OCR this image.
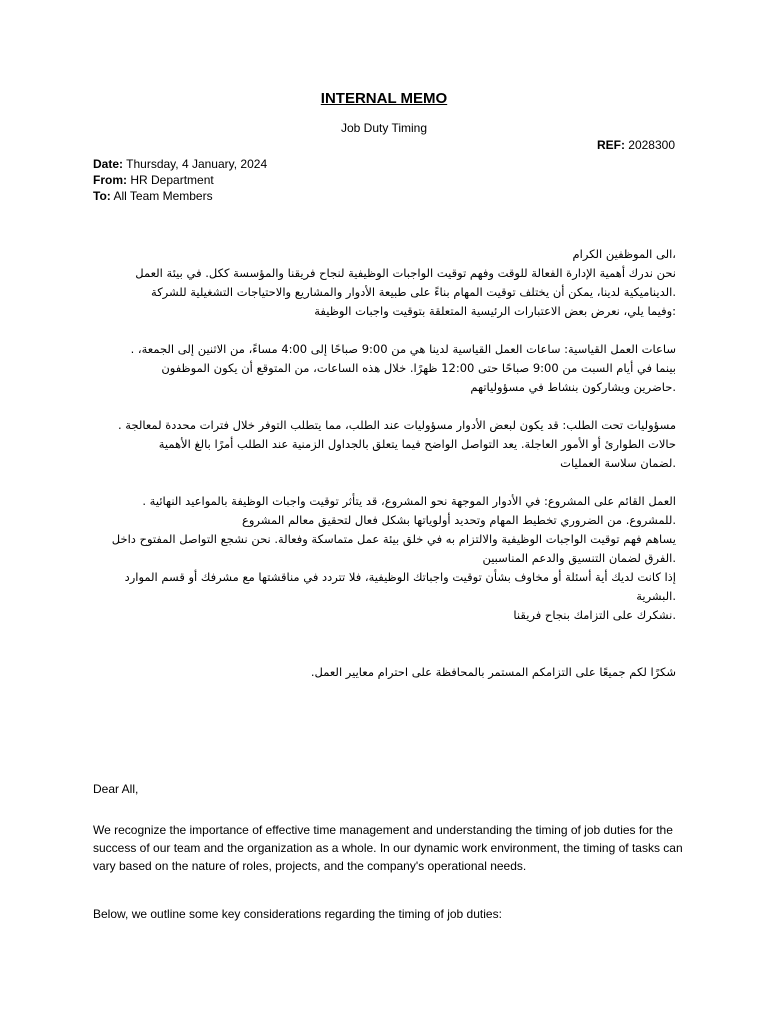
INTERNAL MEMO
Job Duty Timing
REF: 2028300
Date: Thursday, 4 January, 2024
From: HR Department
To: All Team Members

،الى الموظفين الكرام

نحن ندرك أهمية الإدارة الفعالة للوقت وفهم توقيت الواجبات الوظيفية لنجاح فريقنا والمؤسسة ككل. في بيئة العمل

.الديناميكية لدينا، يمكن أن يختلف توقيت المهام بناءً على طبيعة الأدوار والمشاريع والاحتياجات التشغيلية للشركة

:وفيما يلي، نعرض بعض الاعتبارات الرئيسية المتعلقة بتوقيت واجبات الوظيفة

ساعات العمل القياسية: ساعات العمل القياسية لدينا هي من 9:00 صباحًا إلى 4:00 مساءً، من الاثنين إلى الجمعة، .

بينما في أيام السبت من 9:00 صباحًا حتى 12:00 ظهرًا. خلال هذه الساعات، من المتوقع أن يكون الموظفون

.حاضرين ويشاركون بنشاط في مسؤولياتهم

مسؤوليات تحت الطلب: قد يكون لبعض الأدوار مسؤوليات عند الطلب، مما يتطلب التوفر خلال فترات محددة لمعالجة .

حالات الطوارئ أو الأمور العاجلة. يعد التواصل الواضح فيما يتعلق بالجداول الزمنية عند الطلب أمرًا بالغ الأهمية

.لضمان سلاسة العمليات

العمل القائم على المشروع: في الأدوار الموجهة نحو المشروع، قد يتأثر توقيت واجبات الوظيفة بالمواعيد النهائية .

.للمشروع. من الضروري تخطيط المهام وتحديد أولوياتها بشكل فعال لتحقيق معالم المشروع

يساهم فهم توقيت الواجبات الوظيفية والالتزام به في خلق بيئة عمل متماسكة وفعالة. نحن نشجع التواصل المفتوح داخل

.الفرق لضمان التنسيق والدعم المناسبين

إذا كانت لديك أية أسئلة أو مخاوف بشأن توقيت واجباتك الوظيفية، فلا تتردد في مناقشتها مع مشرفك أو قسم الموارد

.البشرية

.نشكرك على التزامك بنجاح فريقنا

شكرًا لكم جميعًا على التزامكم المستمر بالمحافظة على احترام معايير العمل.

Dear All,

We recognize the importance of effective time management and understanding the timing of job duties for the success of our team and the organization as a whole. In our dynamic work environment, the timing of tasks can vary based on the nature of roles, projects, and the company's operational needs.

Below, we outline some key considerations regarding the timing of job duties:
